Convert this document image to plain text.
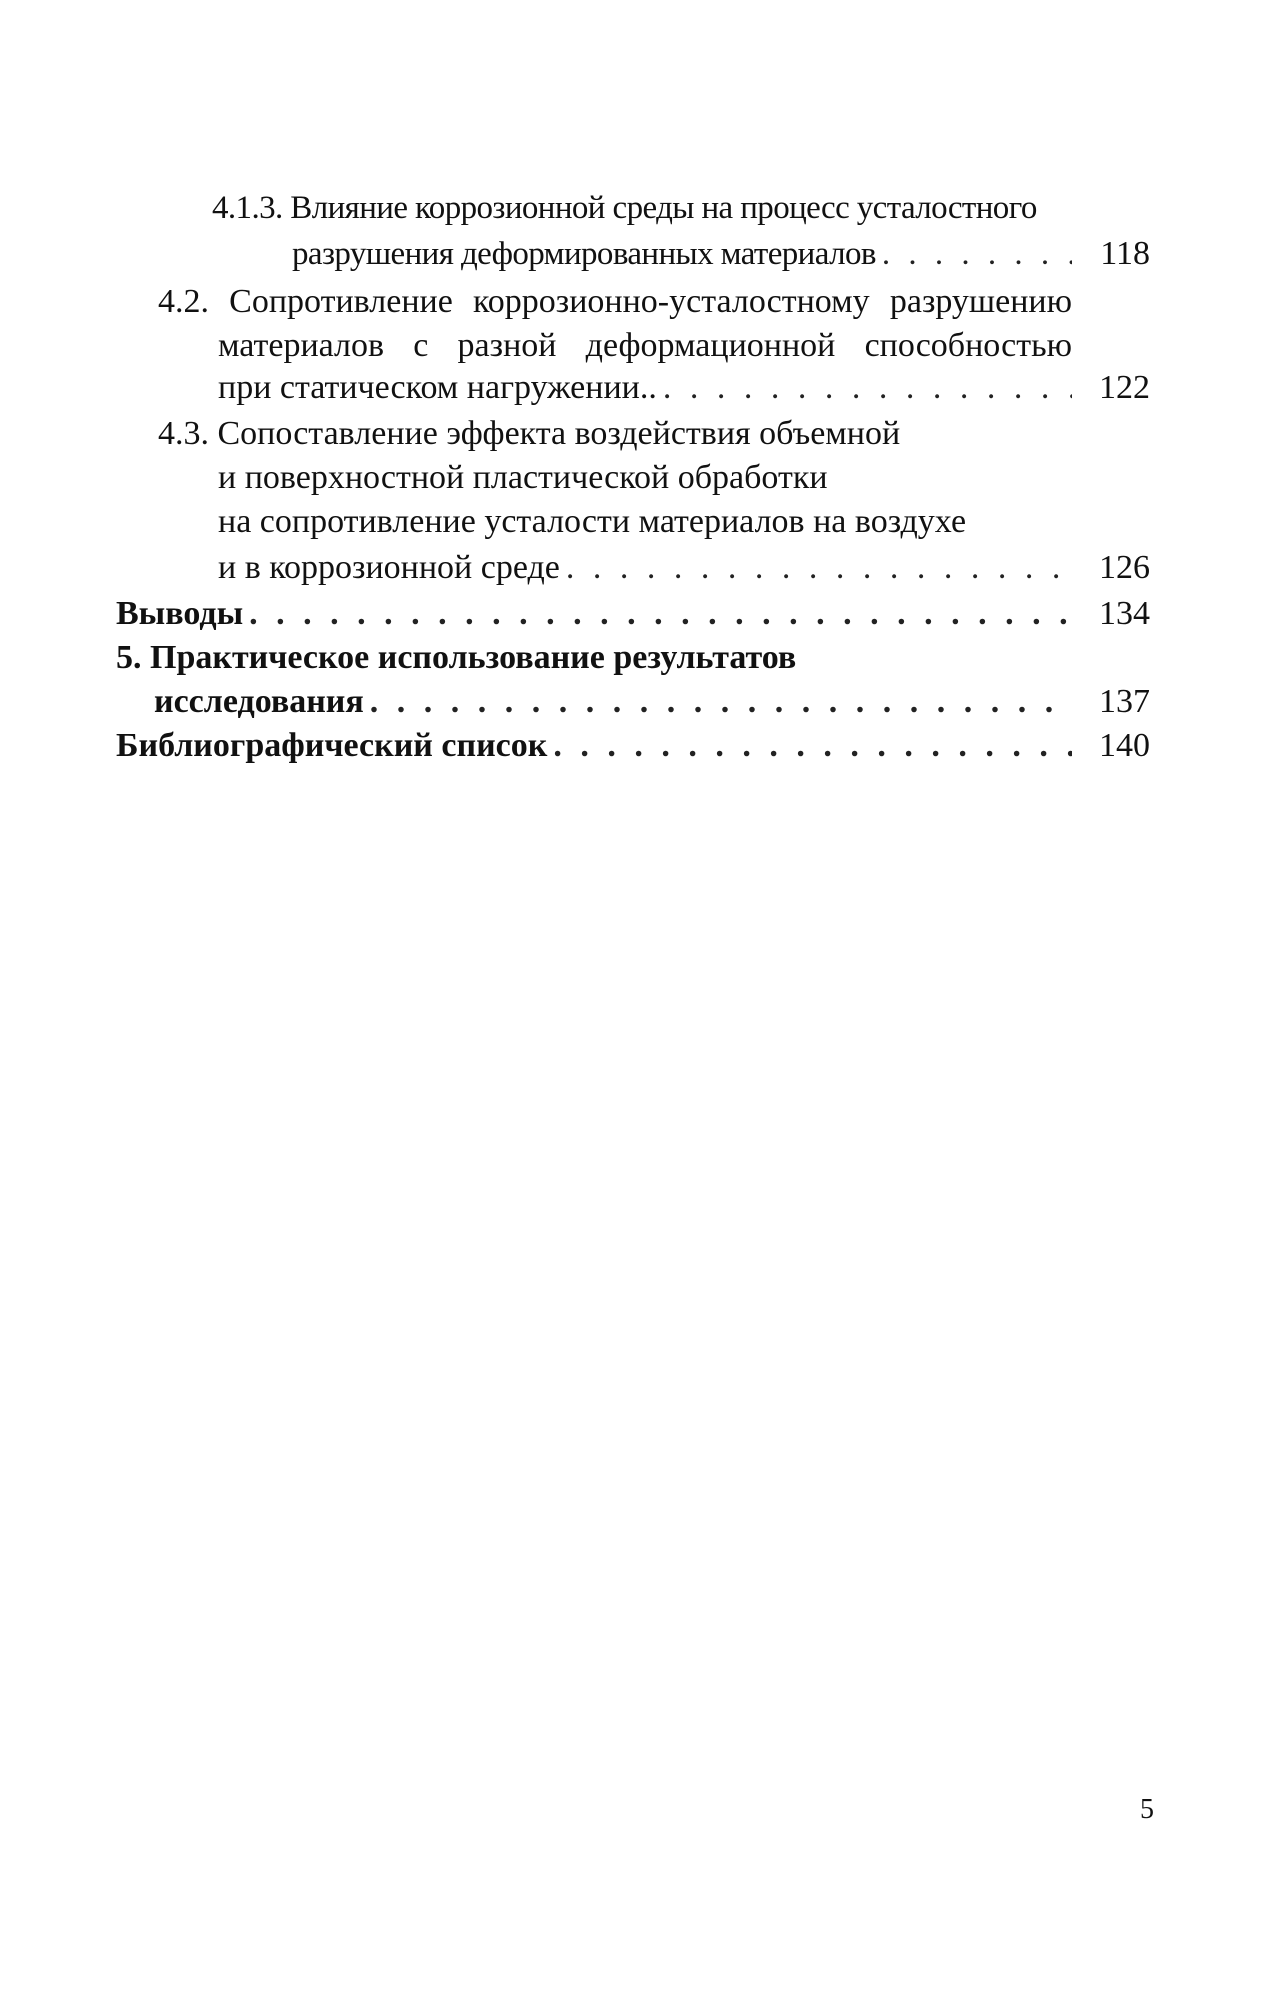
4.1.3. Влияние коррозионной среды на процесс усталостного
разрушения деформированных материалов . . .	118
4.2. Сопротивление коррозионно-усталостному разрушению
материалов с разной деформационной способностью
при статическом нагружении.. . . .	122
4.3. Сопоставление эффекта воздействия объемной
и поверхностной пластической обработки
на сопротивление усталости материалов на воздухе
и в коррозионной среде . . .	126
Выводы . . .	134
5. Практическое использование результатов
исследования . . .	137
Библиографический список . . .	140
5
